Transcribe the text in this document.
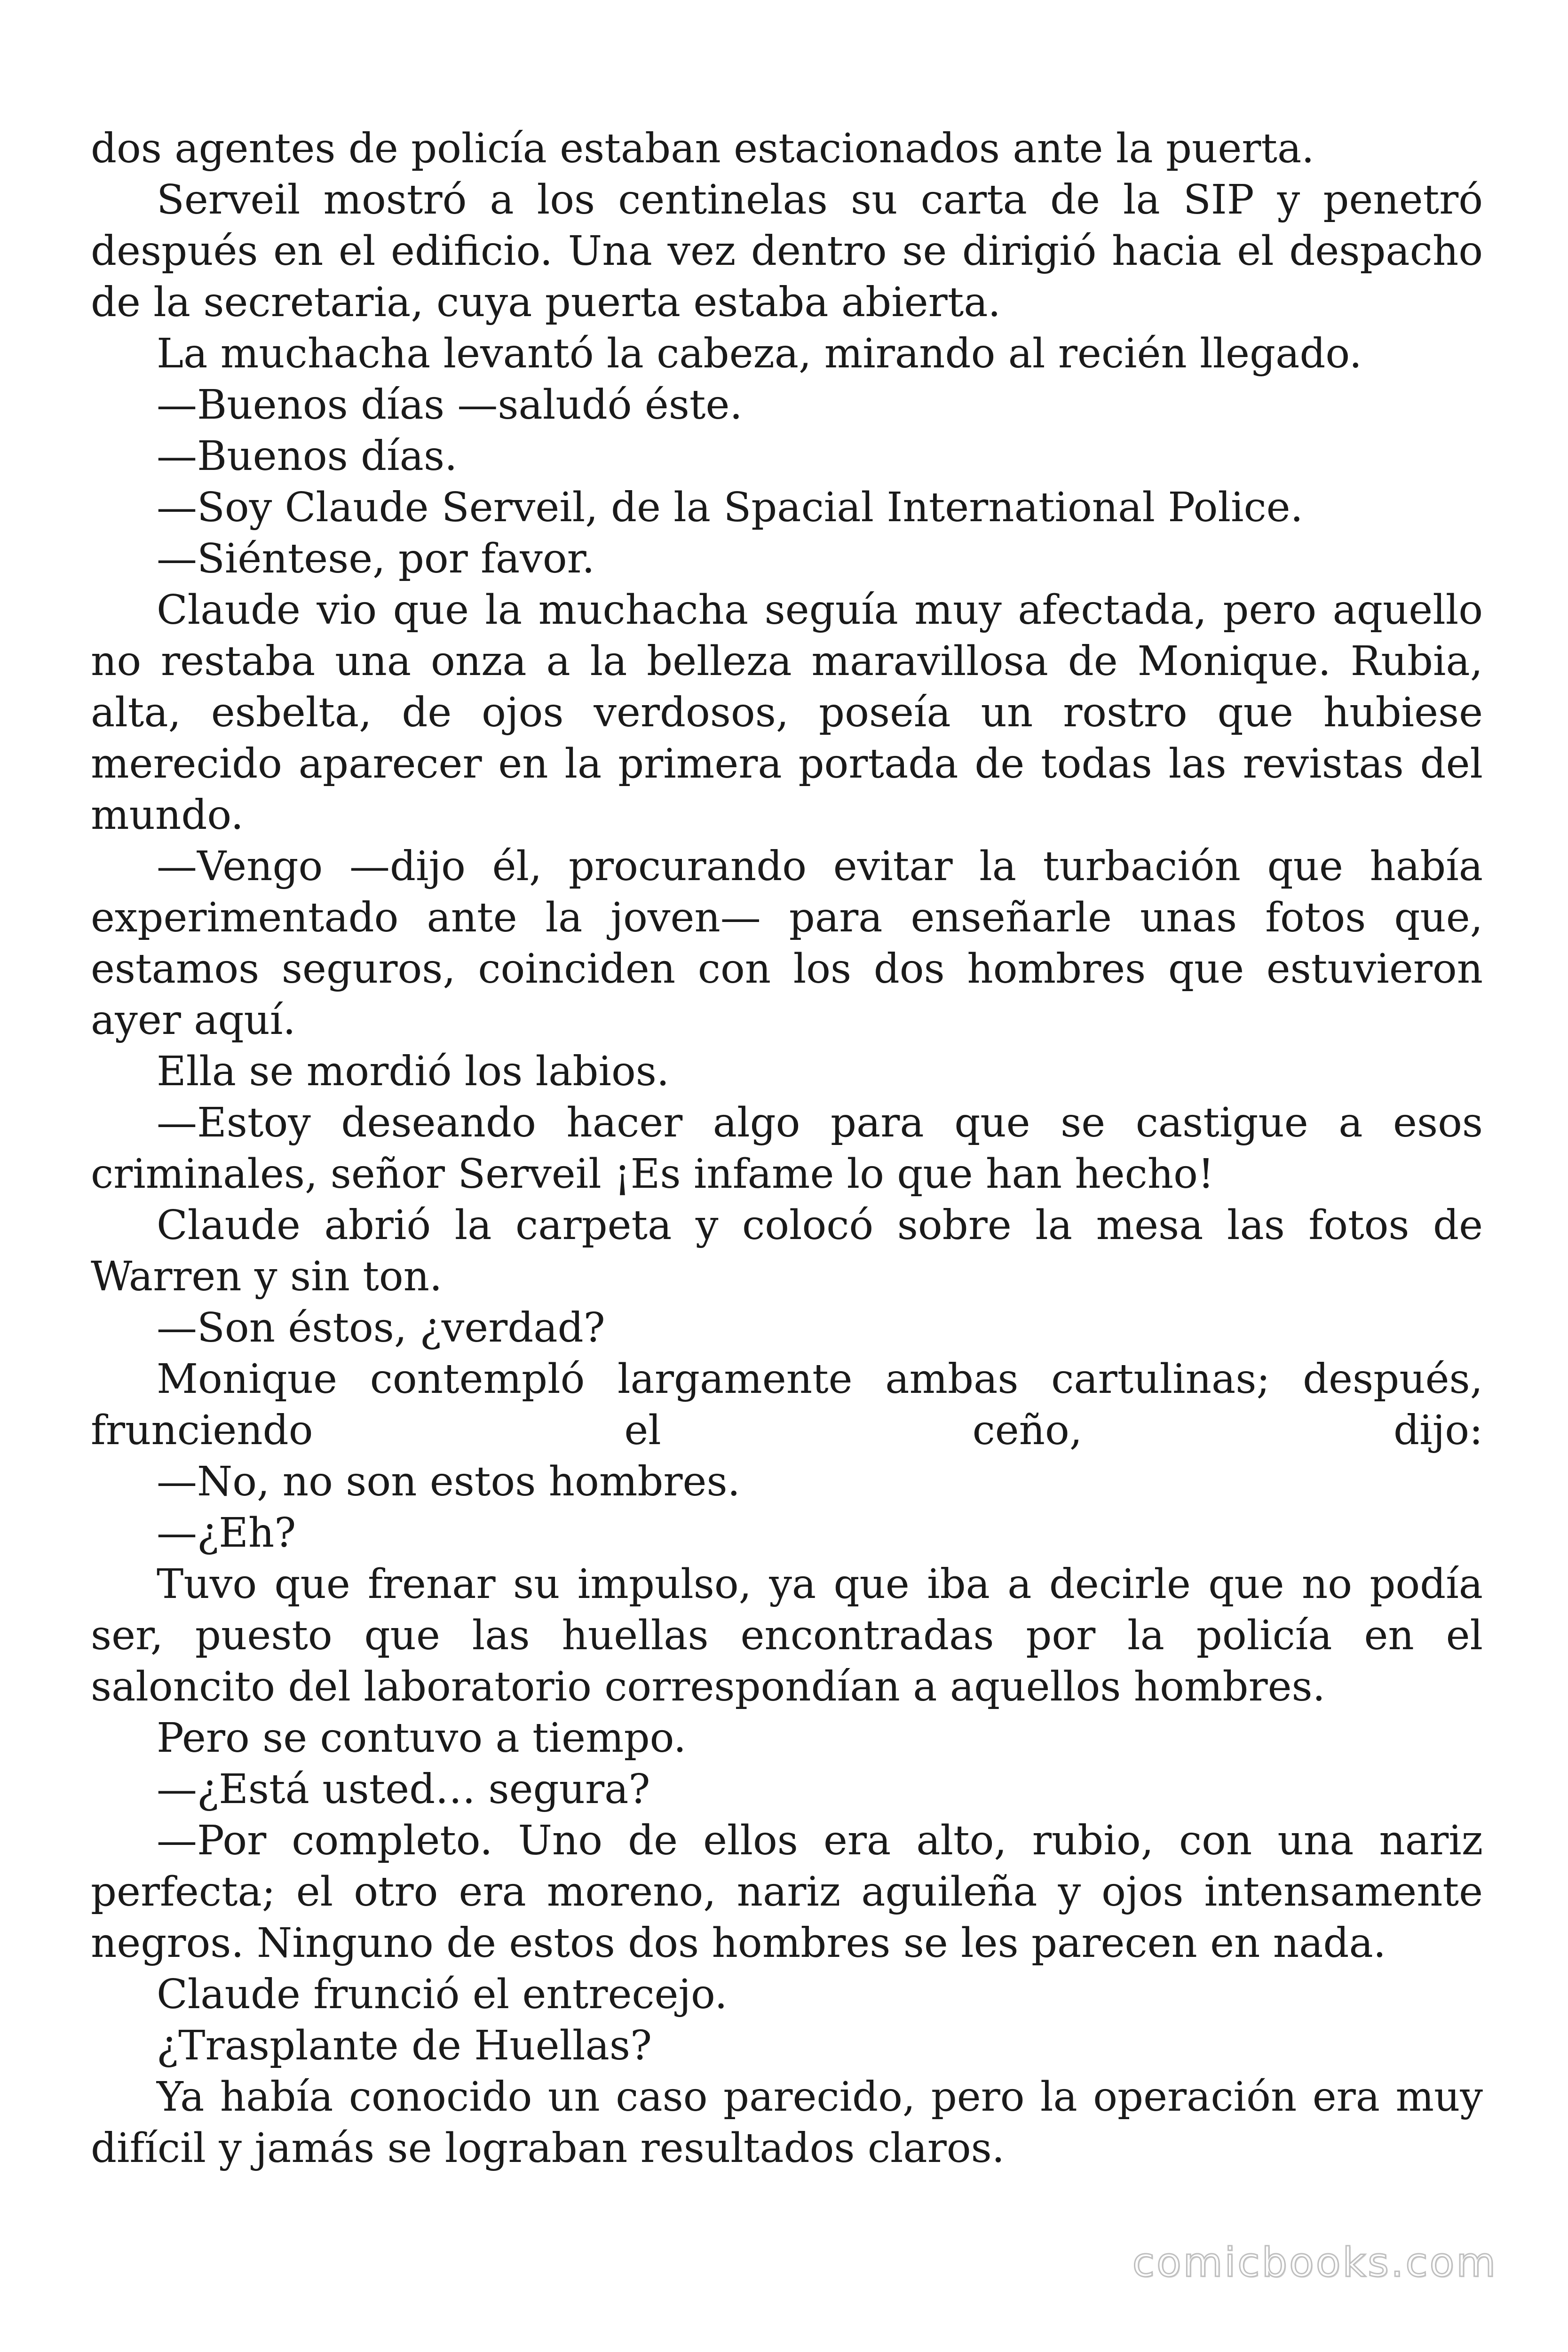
dos agentes de policía estaban estacionados ante la puerta.

Serveil mostró a los centinelas su carta de la SIP y penetró después en el edificio. Una vez dentro se dirigió hacia el despacho de la secretaria, cuya puerta estaba abierta.

La muchacha levantó la cabeza, mirando al recién llegado.

—Buenos días —saludó éste.

—Buenos días.

—Soy Claude Serveil, de la Spacial International Police.

—Siéntese, por favor.

Claude vio que la muchacha seguía muy afectada, pero aquello no restaba una onza a la belleza maravillosa de Monique. Rubia, alta, esbelta, de ojos verdosos, poseía un rostro que hubiese merecido aparecer en la primera portada de todas las revistas del mundo.

—Vengo —dijo él, procurando evitar la turbación que había experimentado ante la joven— para enseñarle unas fotos que, estamos seguros, coinciden con los dos hombres que estuvieron ayer aquí.

Ella se mordió los labios.

—Estoy deseando hacer algo para que se castigue a esos criminales, señor Serveil ¡Es infame lo que han hecho!

Claude abrió la carpeta y colocó sobre la mesa las fotos de Warren y sin ton.

—Son éstos, ¿verdad?

Monique contempló largamente ambas cartulinas; después, frunciendo el ceño, dijo:

—No, no son estos hombres.

—¿Eh?

Tuvo que frenar su impulso, ya que iba a decirle que no podía ser, puesto que las huellas encontradas por la policía en el saloncito del laboratorio correspondían a aquellos hombres.

Pero se contuvo a tiempo.

—¿Está usted… segura?

—Por completo. Uno de ellos era alto, rubio, con una nariz perfecta; el otro era moreno, nariz aguileña y ojos intensamente negros. Ninguno de estos dos hombres se les parecen en nada.

Claude frunció el entrecejo.

¿Trasplante de Huellas?

Ya había conocido un caso parecido, pero la operación era muy difícil y jamás se lograban resultados claros.

comicbooks.com
